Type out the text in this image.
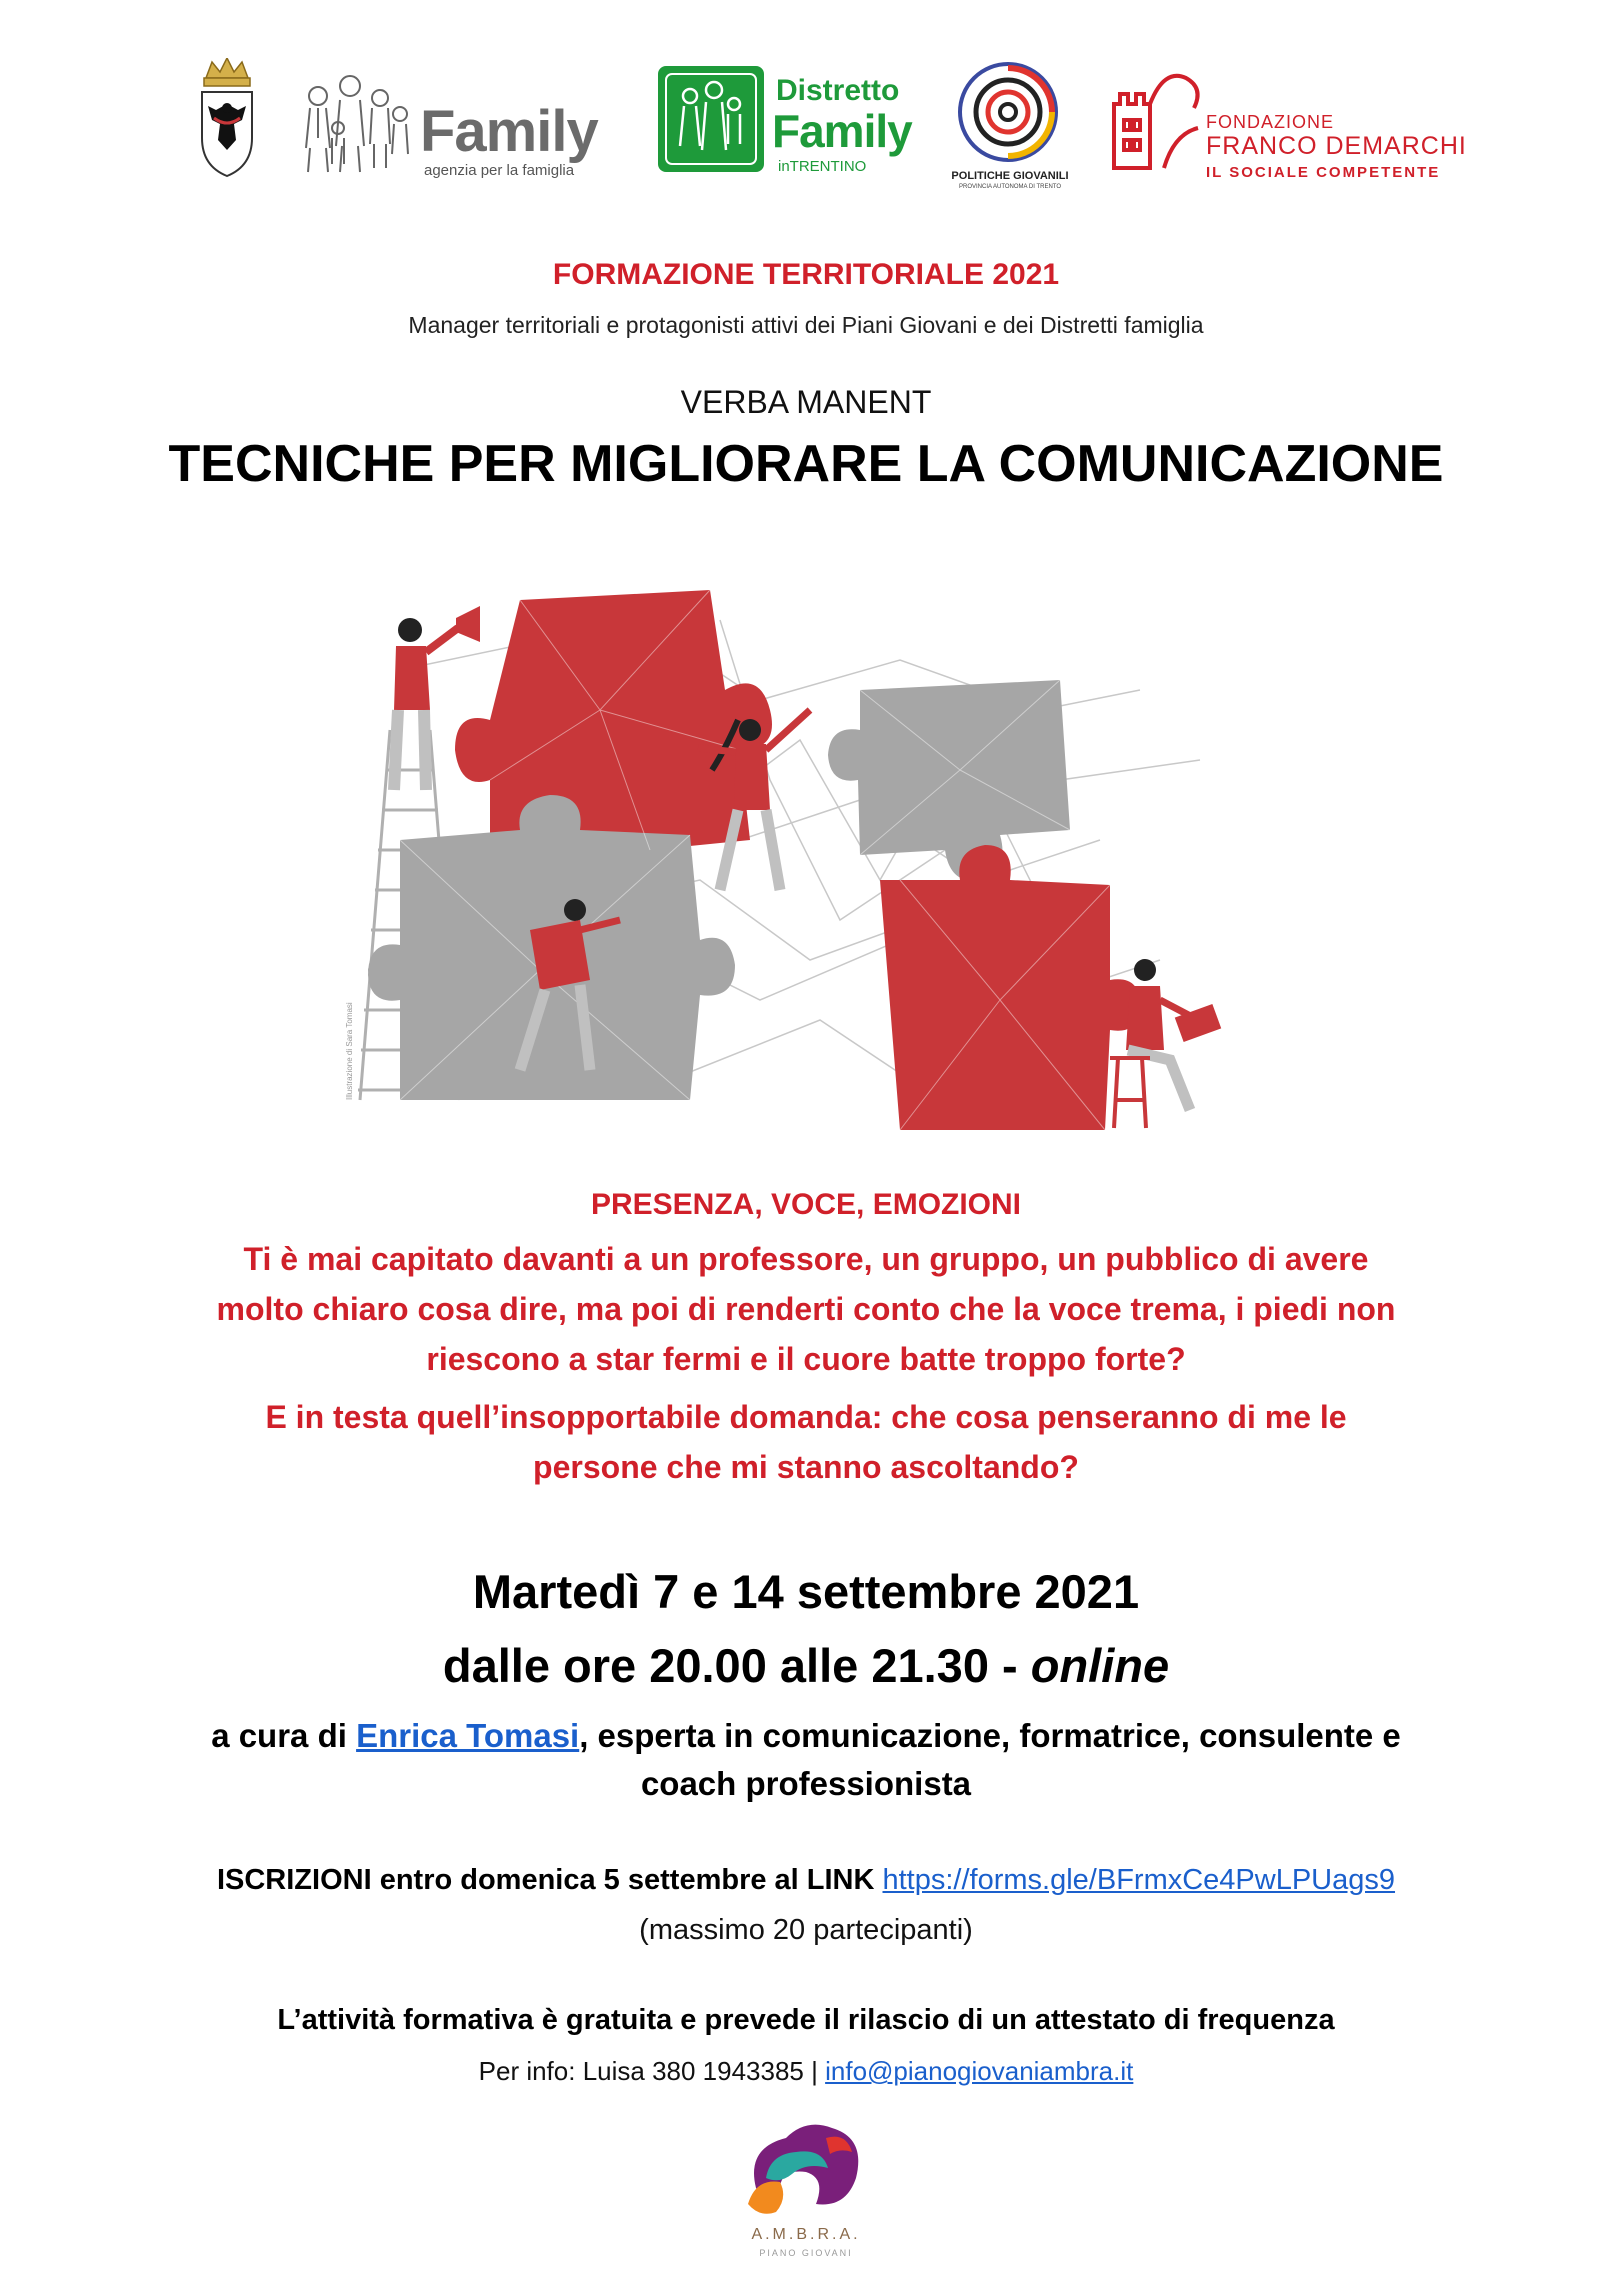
Family
agenzia per la famiglia
Distretto
Family
inTRENTINO
POLITICHE GIOVANILI
PROVINCIA AUTONOMA DI TRENTO
FONDAZIONE
FRANCO DEMARCHI
IL SOCIALE COMPETENTE
FORMAZIONE TERRITORIALE 2021
Manager territoriali e protagonisti attivi dei Piani Giovani e dei Distretti famiglia
VERBA MANENT
TECNICHE PER MIGLIORARE LA COMUNICAZIONE
Illustrazione di Sara Tomasi
PRESENZA, VOCE, EMOZIONI
Ti è mai capitato davanti a un professore, un gruppo, un pubblico di avere
molto chiaro cosa dire, ma poi di renderti conto che la voce trema, i piedi non
riescono a star fermi e il cuore batte troppo forte?
E in testa quell’insopportabile domanda: che cosa penseranno di me le
persone che mi stanno ascoltando?
Martedì 7 e 14 settembre 2021
dalle ore 20.00 alle 21.30 - online
a cura di Enrica Tomasi, esperta in comunicazione, formatrice, consulente e
coach professionista
ISCRIZIONI entro domenica 5 settembre al LINK https://forms.gle/BFrmxCe4PwLPUags9
(massimo 20 partecipanti)
L’attività formativa è gratuita e prevede il rilascio di un attestato di frequenza
Per info: Luisa 380 1943385 | info@pianogiovaniambra.it
A.M.B.R.A.
PIANO GIOVANI
